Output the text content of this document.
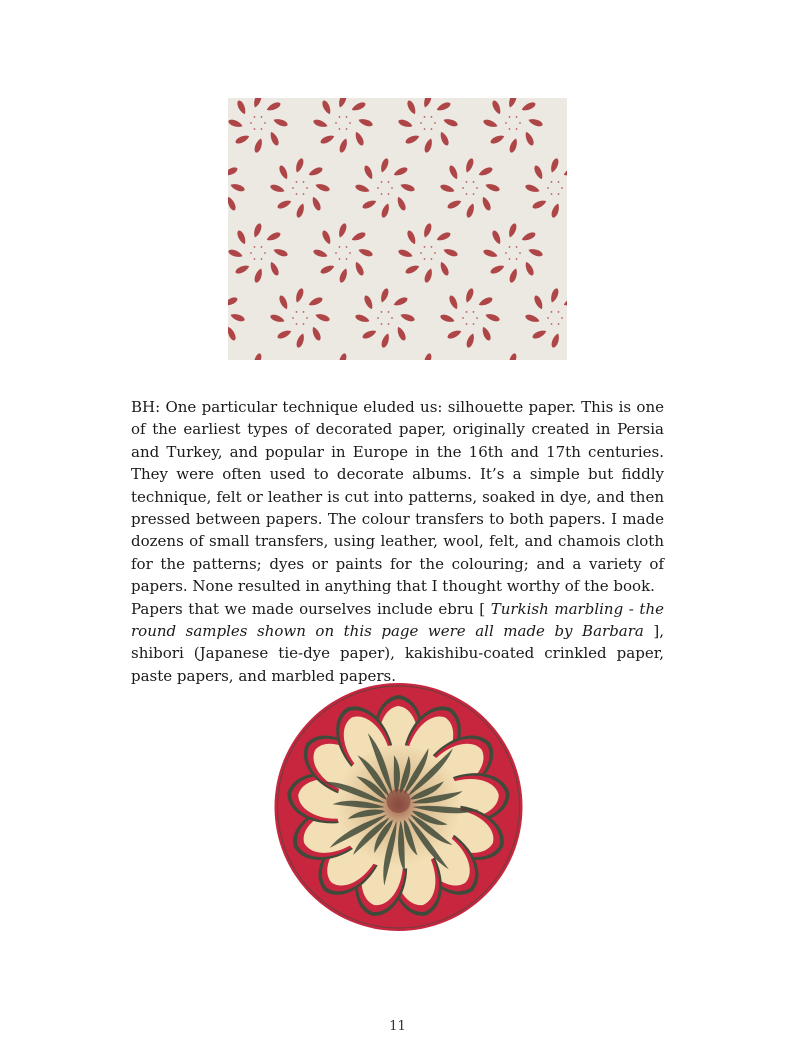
BH: One particular technique eluded us: silhouette paper. This is one of the earliest types of decorated paper, originally created in Persia and Turkey, and popular in Europe in the 16th and 17th centuries. They were often used to decorate albums. It’s a simple but fiddly technique, felt or leather is cut into patterns, soaked in dye, and then pressed between papers. The colour transfers to both papers. I made dozens of small transfers, using leather, wool, felt, and chamois cloth for the patterns; dyes or paints for the colouring; and a variety of papers. None resulted in anything that I thought worthy of the book.

Papers that we made ourselves include ebru [ Turkish marbling - the round samples shown on this page were all made by Barbara ], shibori (Japanese tie-dye paper), kakishibu-coated crinkled paper, paste papers, and marbled papers.

11
